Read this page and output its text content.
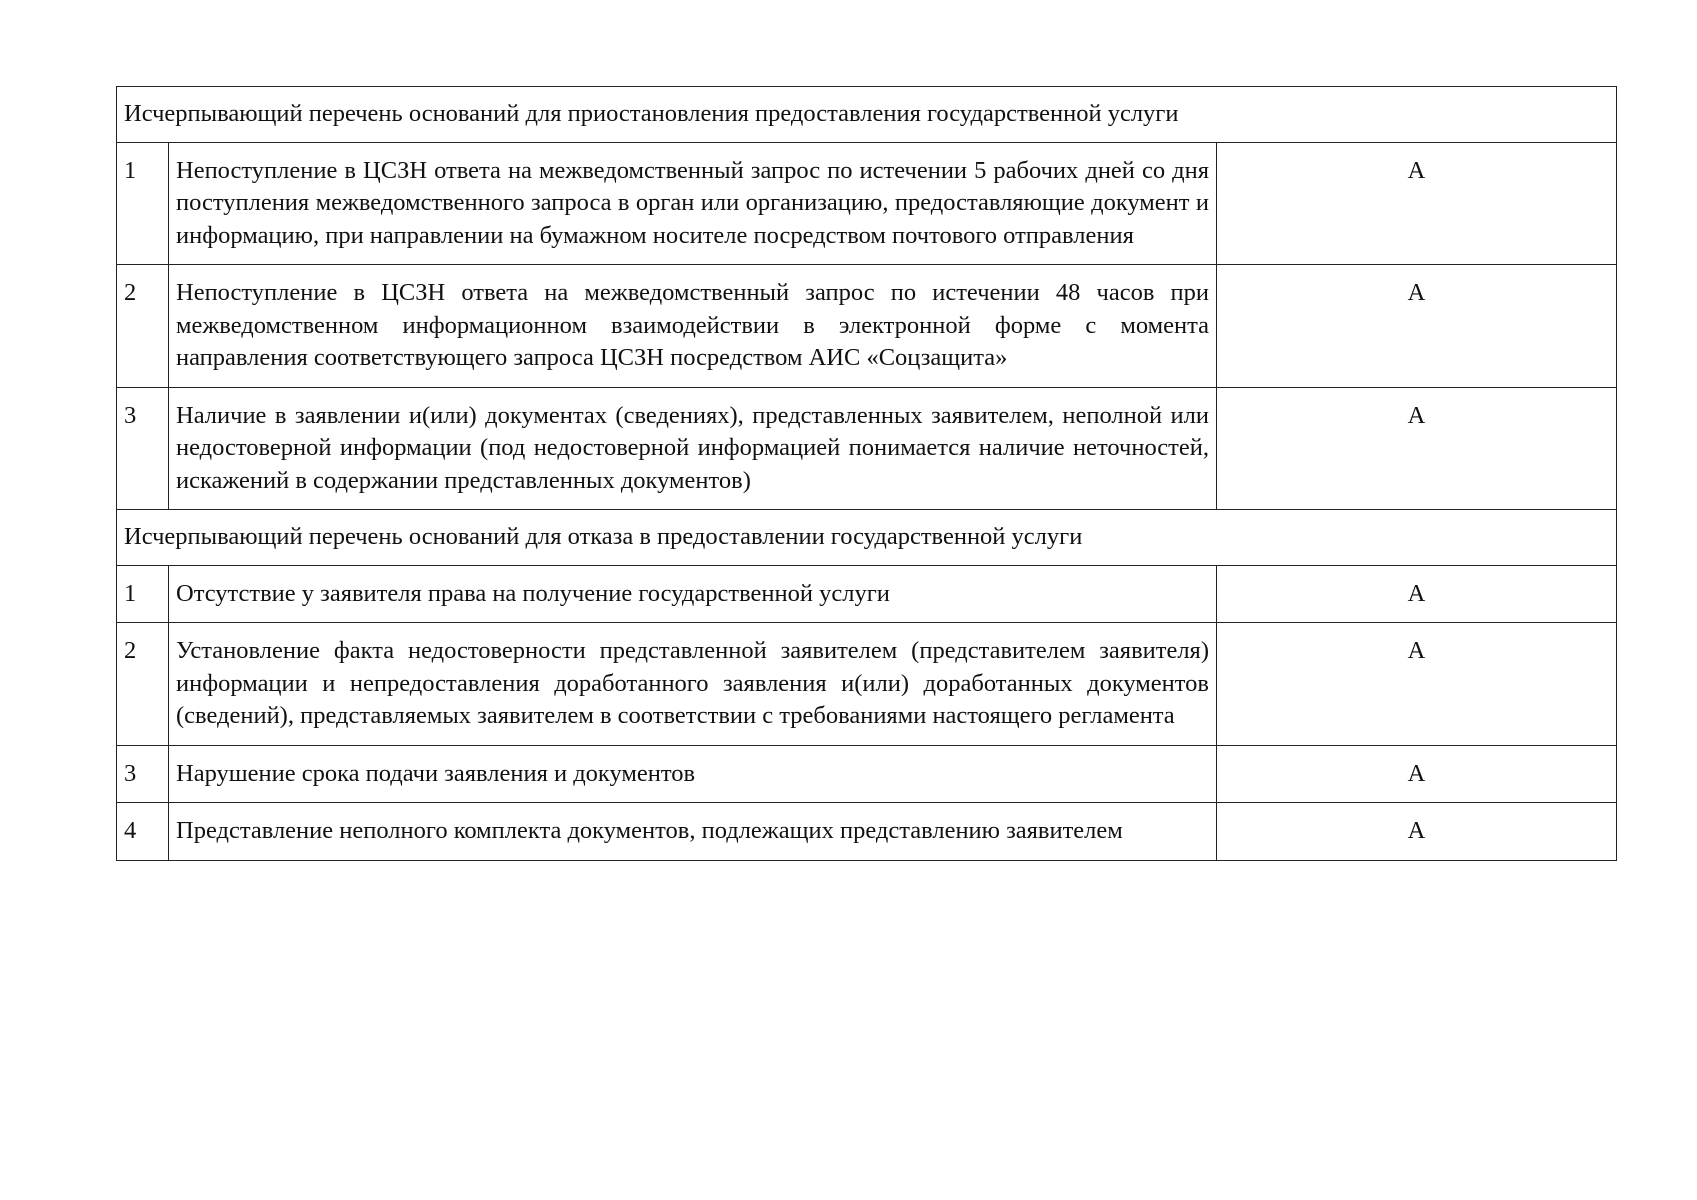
Исчерпывающий перечень оснований для приостановления предоставления государственной услуги		
1	Непоступление в ЦСЗН ответа на межведомственный запрос по истечении 5 рабочих дней со дня поступления межведомственного запроса в орган или организацию, предоставляющие документ и информацию, при направлении на бумажном носителе посредством почтового отправления	А
2	Непоступление в ЦСЗН ответа на межведомственный запрос по истечении 48 часов при межведомственном информационном взаимодействии в электронной форме с момента направления соответствующего запроса ЦСЗН посредством АИС «Соцзащита»	А
3	Наличие в заявлении и(или) документах (сведениях), представленных заявителем, неполной или недостоверной информации (под недостоверной информацией понимается наличие неточностей, искажений в содержании представленных документов)	А
Исчерпывающий перечень оснований для отказа в предоставлении государственной услуги		
1	Отсутствие у заявителя права на получение государственной услуги	А
2	Установление факта недостоверности представленной заявителем (представителем заявителя) информации и непредоставления доработанного заявления и(или) доработанных документов (сведений), представляемых заявителем в соответствии с требованиями настоящего регламента	А
3	Нарушение срока подачи заявления и документов	А
4	Представление неполного комплекта документов, подлежащих представлению заявителем	А
